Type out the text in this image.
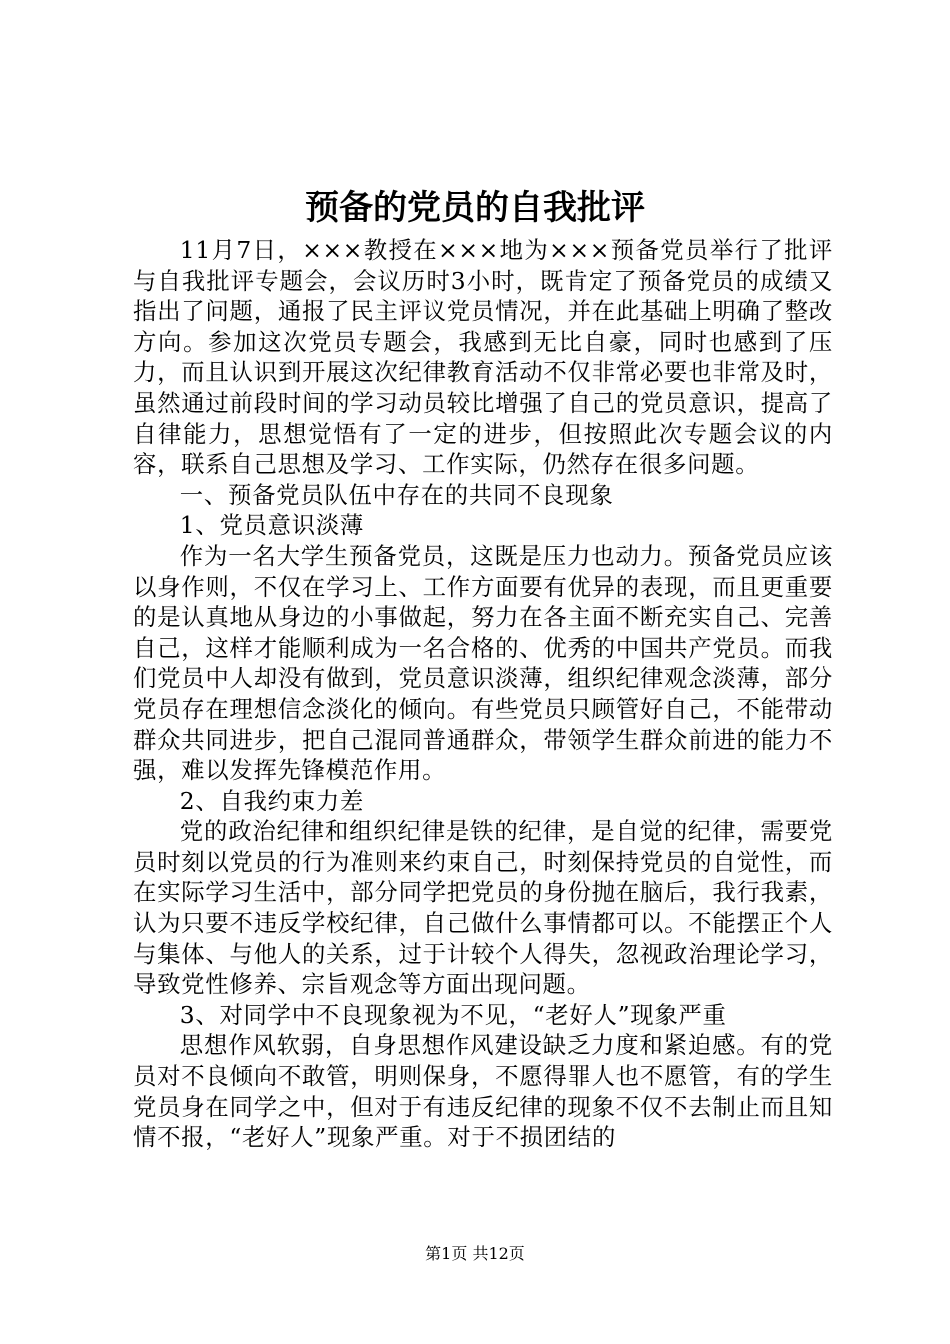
预备的党员的自我批评

11月7日，×××教授在×××地为×××预备党员举行了批评与自我批评专题会，会议历时3小时，既肯定了预备党员的成绩又指出了问题，通报了民主评议党员情况，并在此基础上明确了整改方向。参加这次党员专题会，我感到无比自豪，同时也感到了压力，而且认识到开展这次纪律教育活动不仅非常必要也非常及时，虽然通过前段时间的学习动员较比增强了自己的党员意识，提高了自律能力，思想觉悟有了一定的进步，但按照此次专题会议的内容，联系自己思想及学习、工作实际，仍然存在很多问题。

一、预备党员队伍中存在的共同不良现象

1、党员意识淡薄

作为一名大学生预备党员，这既是压力也动力。预备党员应该以身作则，不仅在学习上、工作方面要有优异的表现，而且更重要的是认真地从身边的小事做起，努力在各主面不断充实自己、完善自己，这样才能顺利成为一名合格的、优秀的中国共产党员。而我们党员中人却没有做到，党员意识淡薄，组织纪律观念淡薄，部分党员存在理想信念淡化的倾向。有些党员只顾管好自己，不能带动群众共同进步，把自己混同普通群众，带领学生群众前进的能力不强，难以发挥先锋模范作用。

2、自我约束力差

党的政治纪律和组织纪律是铁的纪律，是自觉的纪律，需要党员时刻以党员的行为准则来约束自己，时刻保持党员的自觉性，而在实际学习生活中，部分同学把党员的身份抛在脑后，我行我素，认为只要不违反学校纪律，自己做什么事情都可以。不能摆正个人与集体、与他人的关系，过于计较个人得失，忽视政治理论学习，导致党性修养、宗旨观念等方面出现问题。

3、对同学中不良现象视为不见，“老好人”现象严重

思想作风软弱，自身思想作风建设缺乏力度和紧迫感。有的党员对不良倾向不敢管，明则保身，不愿得罪人也不愿管，有的学生党员身在同学之中，但对于有违反纪律的现象不仅不去制止而且知情不报，“老好人”现象严重。对于不损团结的

第1页 共12页
